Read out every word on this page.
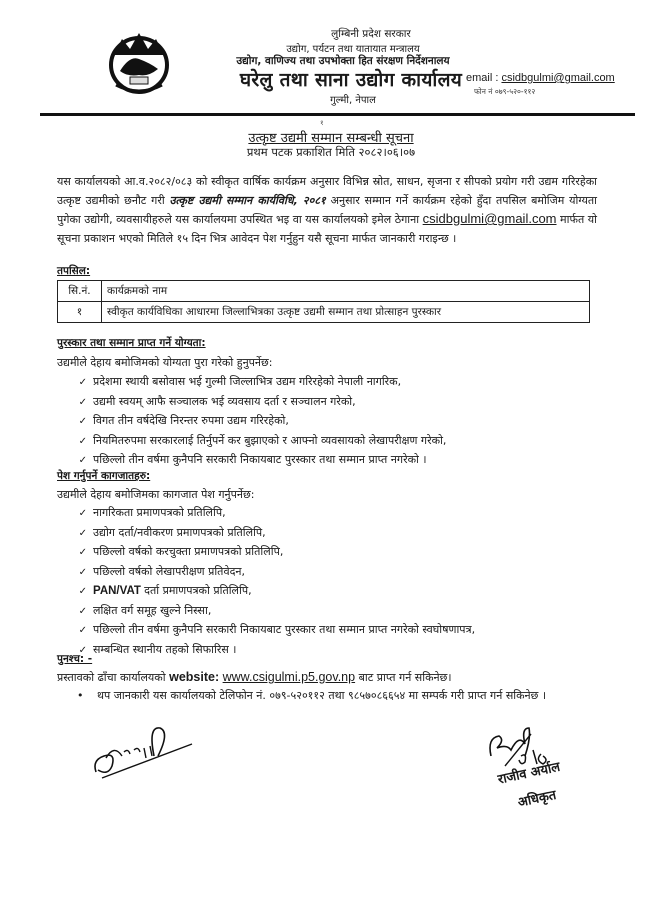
लुम्बिनी प्रदेश सरकार
उद्योग, पर्यटन तथा यातायात मन्त्रालय
उद्योग, वाणिज्य तथा उपभोक्ता हित संरक्षण निर्देशनालय
घरेलु तथा साना उद्योग कार्यालय
गुल्मी, नेपाल
email : csidbgulmi@gmail.com
फोन नं ०७९-५२०-११२
१
उत्कृष्ट उद्यमी सम्मान सम्बन्धी सूचना
प्रथम पटक प्रकाशित मिति २०८२।०६।०७
यस कार्यालयको आ.व.२०८२/०८३ को स्वीकृत वार्षिक कार्यक्रम अनुसार विभिन्न स्रोत, साधन, सृजना र सीपको प्रयोग गरी उद्यम गरिरहेका उत्कृष्ट उद्यमीको छनौट गरी उत्कृष्ट उद्यमी सम्मान कार्यविधि, २०८१ अनुसार सम्मान गर्ने कार्यक्रम रहेको हुँदा तपसिल बमोजिम योग्यता पुगेका उद्योगी, व्यवसायीहरुले यस कार्यालयमा उपस्थित भइ वा यस कार्यालयको इमेल ठेगाना csidbgulmi@gmail.com मार्फत यो सूचना प्रकाशन भएको मितिले १५ दिन भित्र आवेदन पेश गर्नुहुन यसै सूचना मार्फत जानकारी गराइन्छ ।
तपसिल:
सि.नं.	कार्यक्रमको नाम
१	स्वीकृत कार्यविधिका आधारमा जिल्लाभित्रका उत्कृष्ट उद्यमी सम्मान तथा प्रोत्साहन पुरस्कार
पुरस्कार तथा सम्मान प्राप्त गर्ने योग्यता:
उद्यमीले देहाय बमोजिमको योग्यता पुरा गरेको हुनुपर्नेछ:
✓ प्रदेशमा स्थायी बसोवास भई गुल्मी जिल्लाभित्र उद्यम गरिरहेको नेपाली नागरिक,
✓ उद्यमी स्वयम् आफै सञ्चालक भई व्यवसाय दर्ता र सञ्चालन गरेको,
✓ विगत तीन वर्षदेखि निरन्तर रुपमा उद्यम गरिरहेको,
✓ नियमितरुपमा सरकारलाई तिर्नुपर्ने कर बुझाएको र आफ्नो व्यवसायको लेखापरीक्षण गरेको,
✓ पछिल्लो तीन वर्षमा कुनैपनि सरकारी निकायबाट पुरस्कार तथा सम्मान प्राप्त नगरेको ।
पेश गर्नुपर्ने कागजातहरु:
उद्यमीले देहाय बमोजिमका कागजात पेश गर्नुपर्नेछ:
✓ नागरिकता प्रमाणपत्रको प्रतिलिपि,
✓ उद्योग दर्ता/नवीकरण प्रमाणपत्रको प्रतिलिपि,
✓ पछिल्लो वर्षको करचुक्ता प्रमाणपत्रको प्रतिलिपि,
✓ पछिल्लो वर्षको लेखापरीक्षण प्रतिवेदन,
✓ PAN/VAT दर्ता प्रमाणपत्रको प्रतिलिपि,
✓ लक्षित वर्ग समूह खुल्ने निस्सा,
✓ पछिल्लो तीन वर्षमा कुनैपनि सरकारी निकायबाट पुरस्कार तथा सम्मान प्राप्त नगरेको स्वघोषणापत्र,
✓ सम्बन्धित स्थानीय तहको सिफारिस ।
पुनश्च: -
प्रस्तावको ढाँचा कार्यालयको website: www.csigulmi.p5.gov.np बाट प्राप्त गर्न सकिनेछ।
• थप जानकारी यस कार्यालयको टेलिफोन नं. ०७९-५२०११२ तथा ९८५७०८६६५४ मा सम्पर्क गरी प्राप्त गर्न सकिनेछ ।
राजीव अर्याल
अधिकृत
